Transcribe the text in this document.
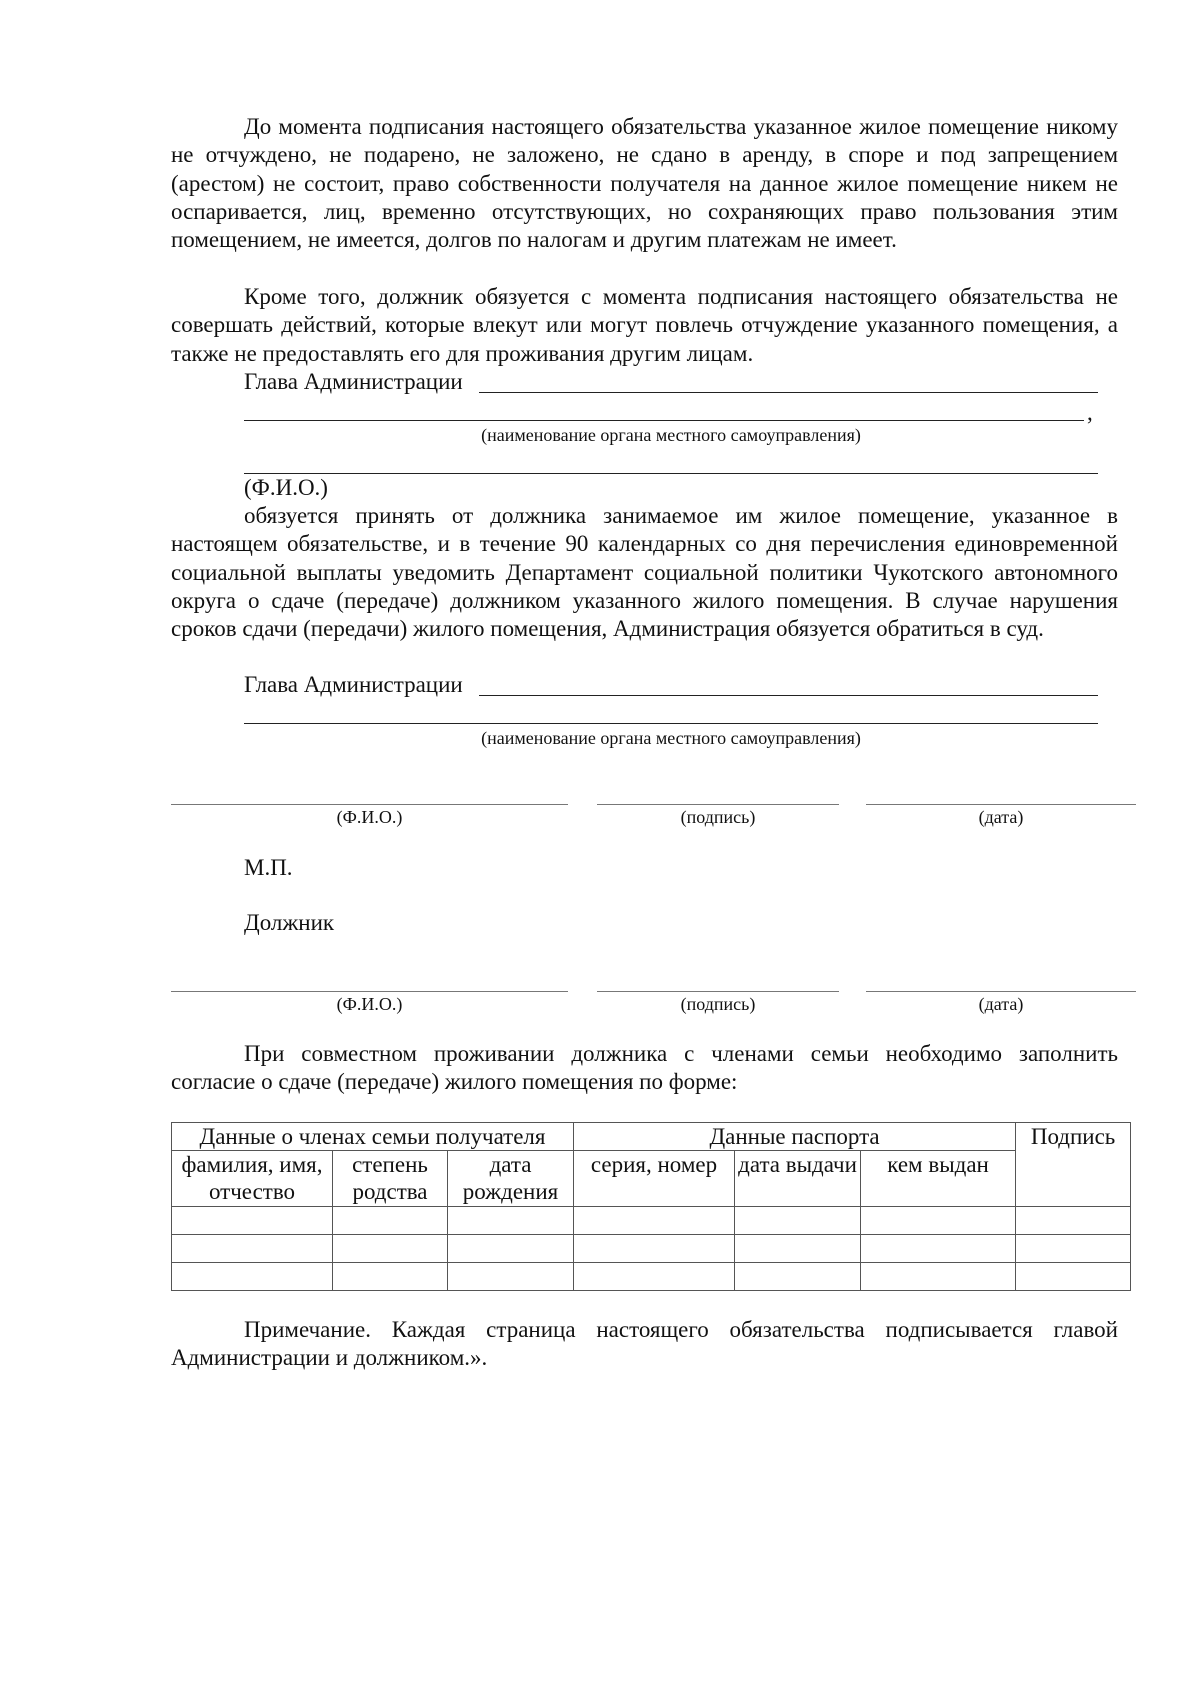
До момента подписания настоящего обязательства указанное жилое помещение никому не отчуждено, не подарено, не заложено, не сдано в аренду, в споре и под запрещением (арестом) не состоит, право собственности получателя на данное жилое помещение никем не оспаривается, лиц, временно отсутствующих, но сохраняющих право пользования этим помещением, не имеется, долгов по налогам и другим платежам не имеет.
Кроме того, должник обязуется с момента подписания настоящего обязательства не совершать действий, которые влекут или могут повлечь отчуждение указанного помещения, а также не предоставлять его для проживания другим лицам.
Глава Администрации
,
(наименование органа местного самоуправления)
(Ф.И.О.)
обязуется принять от должника занимаемое им жилое помещение, указанное в настоящем обязательстве, и в течение 90 календарных со дня перечисления единовременной социальной выплаты уведомить Департамент социальной политики Чукотского автономного округа о сдаче (передаче) должником указанного жилого помещения. В случае нарушения сроков сдачи (передачи) жилого помещения, Администрация обязуется обратиться в суд.
Глава Администрации
(наименование органа местного самоуправления)
(Ф.И.О.)	(подпись)	(дата)
М.П.
Должник
(Ф.И.О.)	(подпись)	(дата)
При совместном проживании должника с членами семьи необходимо заполнить согласие о сдаче (передаче) жилого помещения по форме:
Данные о членах семьи получателя			Данные паспорта			Подпись
фамилия, имя, отчество	степень родства	дата рождения	серия, номер	дата выдачи	кем выдан	

Примечание. Каждая страница настоящего обязательства подписывается главой Администрации и должником.».
